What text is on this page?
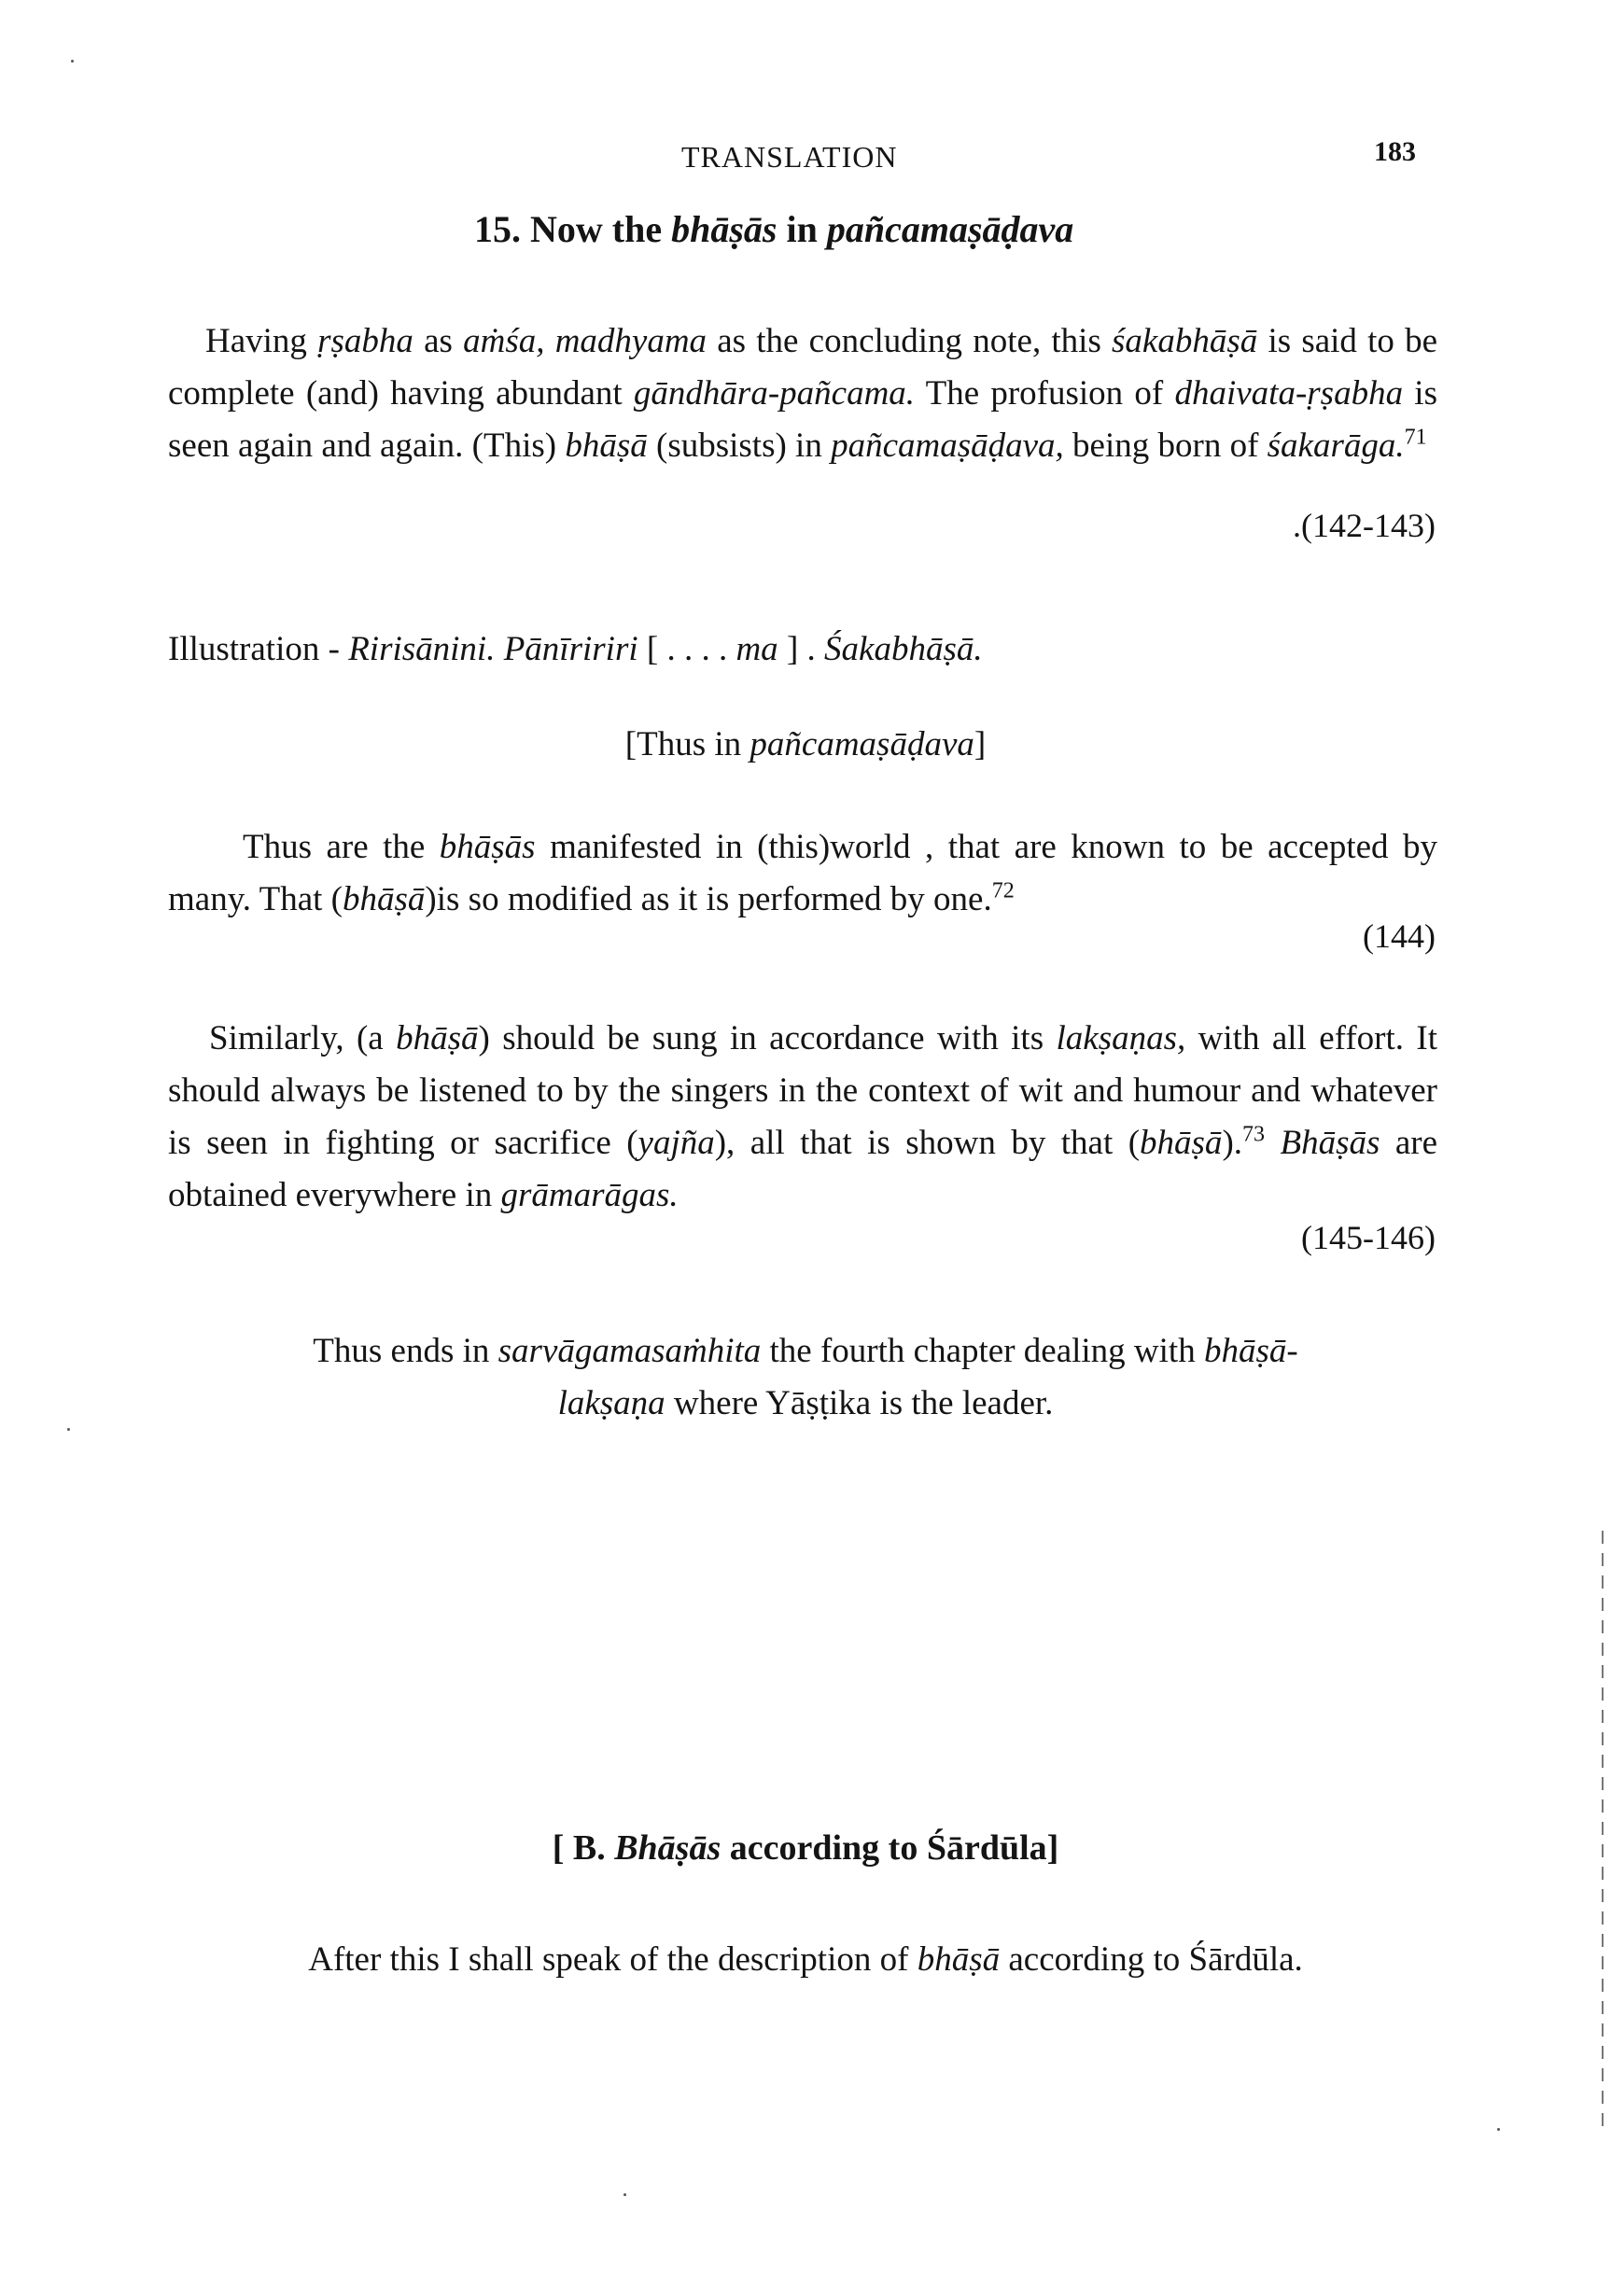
TRANSLATION	183
15. Now the bhāṣās in pañcamaṣāḍava

Having ṛṣabha as aṁśa, madhyama as the concluding note, this śakabhāṣā is said to be complete (and) having abundant gāndhāra-pañcama. The profusion of dhaivata-ṛṣabha is seen again and again. (This) bhāṣā (subsists) in pañcamaṣāḍava, being born of śakarāga.$^{71}$

.(142-143)

Illustration - Ririsānini. Pānīririri [ . . . . ma ] . Śakabhāṣā.

[Thus in pañcamaṣāḍava]

Thus are the bhāṣās manifested in (this)world , that are known to be accepted by many. That (bhāṣā)is so modified as it is performed by one.$^{72}$

(144)

Similarly, (a bhāṣā) should be sung in accordance with its lakṣaṇas, with all effort. It should always be listened to by the singers in the context of wit and humour and whatever is seen in fighting or sacrifice (yajña), all that is shown by that (bhāṣā).$^{73}$ Bhāṣās are obtained everywhere in grāmarāgas.

(145-146)

Thus ends in sarvāgamasaṁhita the fourth chapter dealing with bhāṣā-
lakṣaṇa where Yāṣṭika is the leader.

[ B. Bhāṣās according to Śārdūla]

After this I shall speak of the description of bhāṣā according to Śārdūla.
